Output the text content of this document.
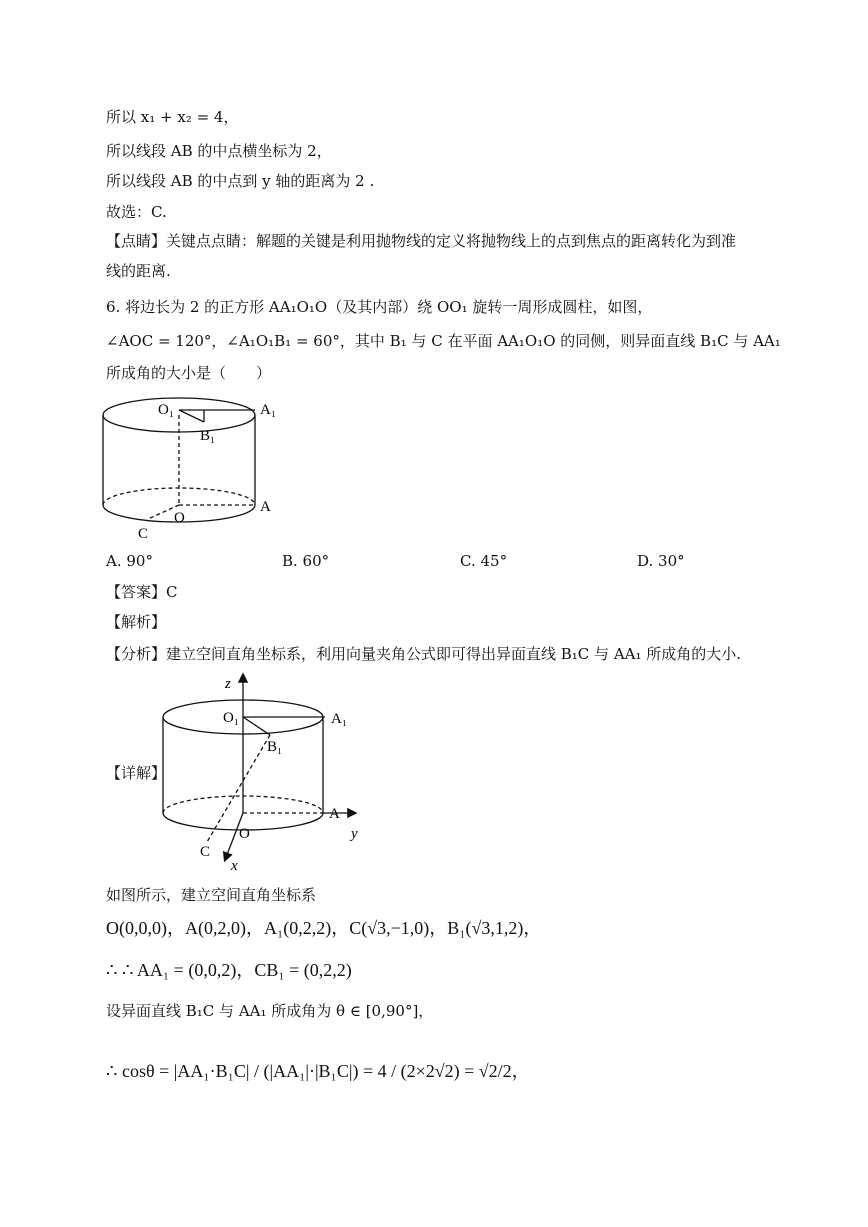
所以 x₁ + x₂ = 4，
所以线段 AB 的中点横坐标为 2，
所以线段 AB 的中点到 y 轴的距离为 2 .
故选：C.
【点睛】关键点点睛：解题的关键是利用抛物线的定义将抛物线上的点到焦点的距离转化为到准
线的距离.
6. 将边长为 2 的正方形 AA₁O₁O（及其内部）绕 OO₁ 旋转一周形成圆柱，如图，
∠AOC = 120°，∠A₁O₁B₁ = 60°，其中 B₁ 与 C 在平面 AA₁O₁O 的同侧，则异面直线 B₁C 与 AA₁
所成角的大小是（　　）
O₁	A₁
B₁
O
A
C
A. 90°	B. 60°	C. 45°	D. 30°
【答案】C
【解析】
【分析】建立空间直角坐标系，利用向量夹角公式即可得出异面直线 B₁C 与 AA₁ 所成角的大小.
【详解】
z
O₁	A₁
B₁
O
A
y
C
x
如图所示，建立空间直角坐标系
O(0,0,0)，A(0,2,0)，A₁(0,2,2)，C(√3,−1,0)，B₁(√3,1,2)，
∴ ∴ AA₁ = (0,0,2)，CB₁ = (0,2,2)
设异面直线 B₁C 与 AA₁ 所成角为 θ ∈ [0,90°]，
∴ cosθ = |AA₁·B₁C| / (|AA₁|·|B₁C|) = 4 / (2×2√2) = √2/2，
